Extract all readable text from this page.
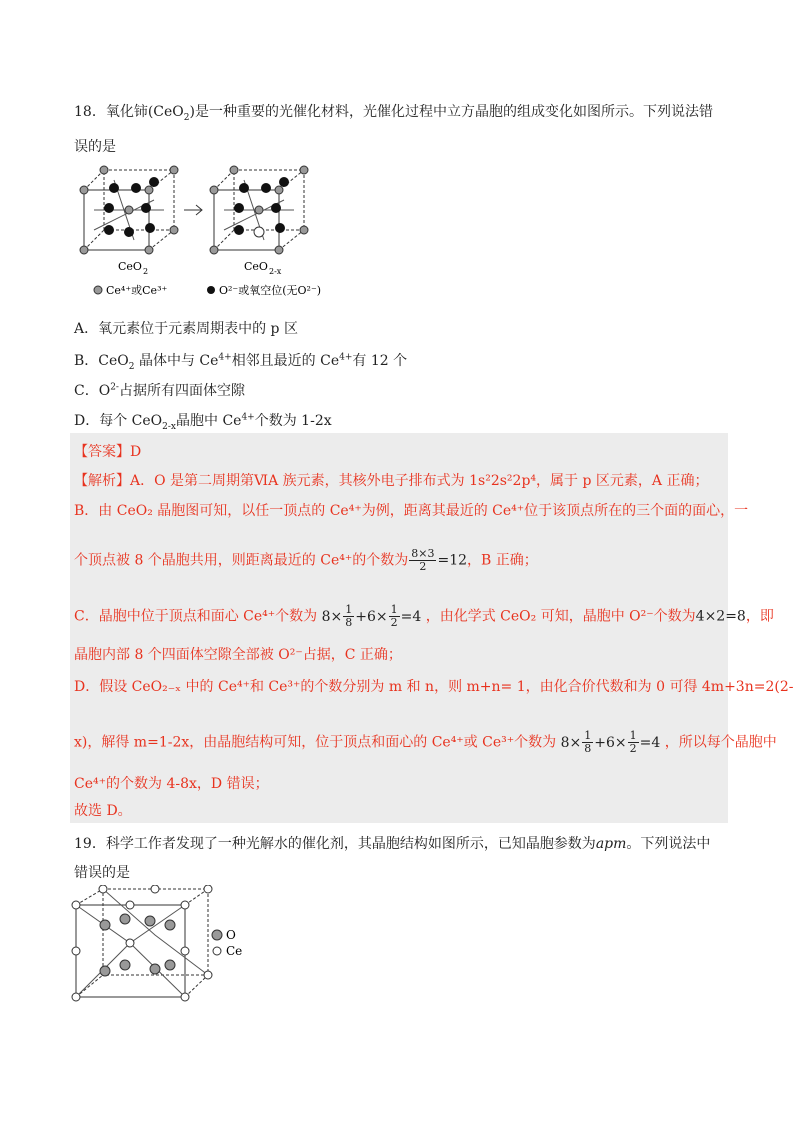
18．氧化铈(CeO$_2$)是一种重要的光催化材料，光催化过程中立方晶胞的组成变化如图所示。下列说法错误的是
CeO 2	CeO 2-x
Ce⁴⁺或Ce³⁺	O²⁻或氧空位(无O²⁻)
A．氧元素位于元素周期表中的 p 区
B．CeO$_2$ 晶体中与 $Ce^{4+}$相邻且最近的 $Ce^{4+}$有 12 个
C．$O^{2-}$占据所有四面体空隙
D．每个 CeO$_{2-x}$晶胞中 $Ce^{4+}$个数为 1-2x
【答案】D
【解析】A．O 是第二周期第ⅥA 族元素，其核外电子排布式为 1s²2s²2p⁴，属于 p 区元素，A 正确；
B．由 CeO₂ 晶胞图可知，以任一顶点的 Ce⁴⁺为例，距离其最近的 Ce⁴⁺位于该顶点所在的三个面的面心，一
个顶点被 8 个晶胞共用，则距离最近的 Ce⁴⁺的个数为 $\frac{8\times 3}{2} =12$，B 正确；
C．晶胞中位于顶点和面心 Ce⁴⁺个数为 $8\times \frac{1}{8} +6\times \frac{1}{2} =4$ ，由化学式 CeO₂ 可知，晶胞中 O²⁻个数为4×2=8，即
晶胞内部 8 个四面体空隙全部被 O²⁻占据，C 正确；
D．假设 CeO₂₋ₓ 中的 Ce⁴⁺和 Ce³⁺的个数分别为 m 和 n，则 m+n= 1，由化合价代数和为 0 可得 4m+3n=2(2-
x)，解得 m=1-2x，由晶胞结构可知，位于顶点和面心的 Ce⁴⁺或 Ce³⁺个数为 $8\times \frac{1}{8} +6\times \frac{1}{2} =4$ ，所以每个晶胞中
Ce⁴⁺的个数为 4-8x，D 错误；
故选 D。
19．科学工作者发现了一种光解水的催化剂，其晶胞结构如图所示，已知晶胞参数为apm。下列说法中错误的是
O
Ce
